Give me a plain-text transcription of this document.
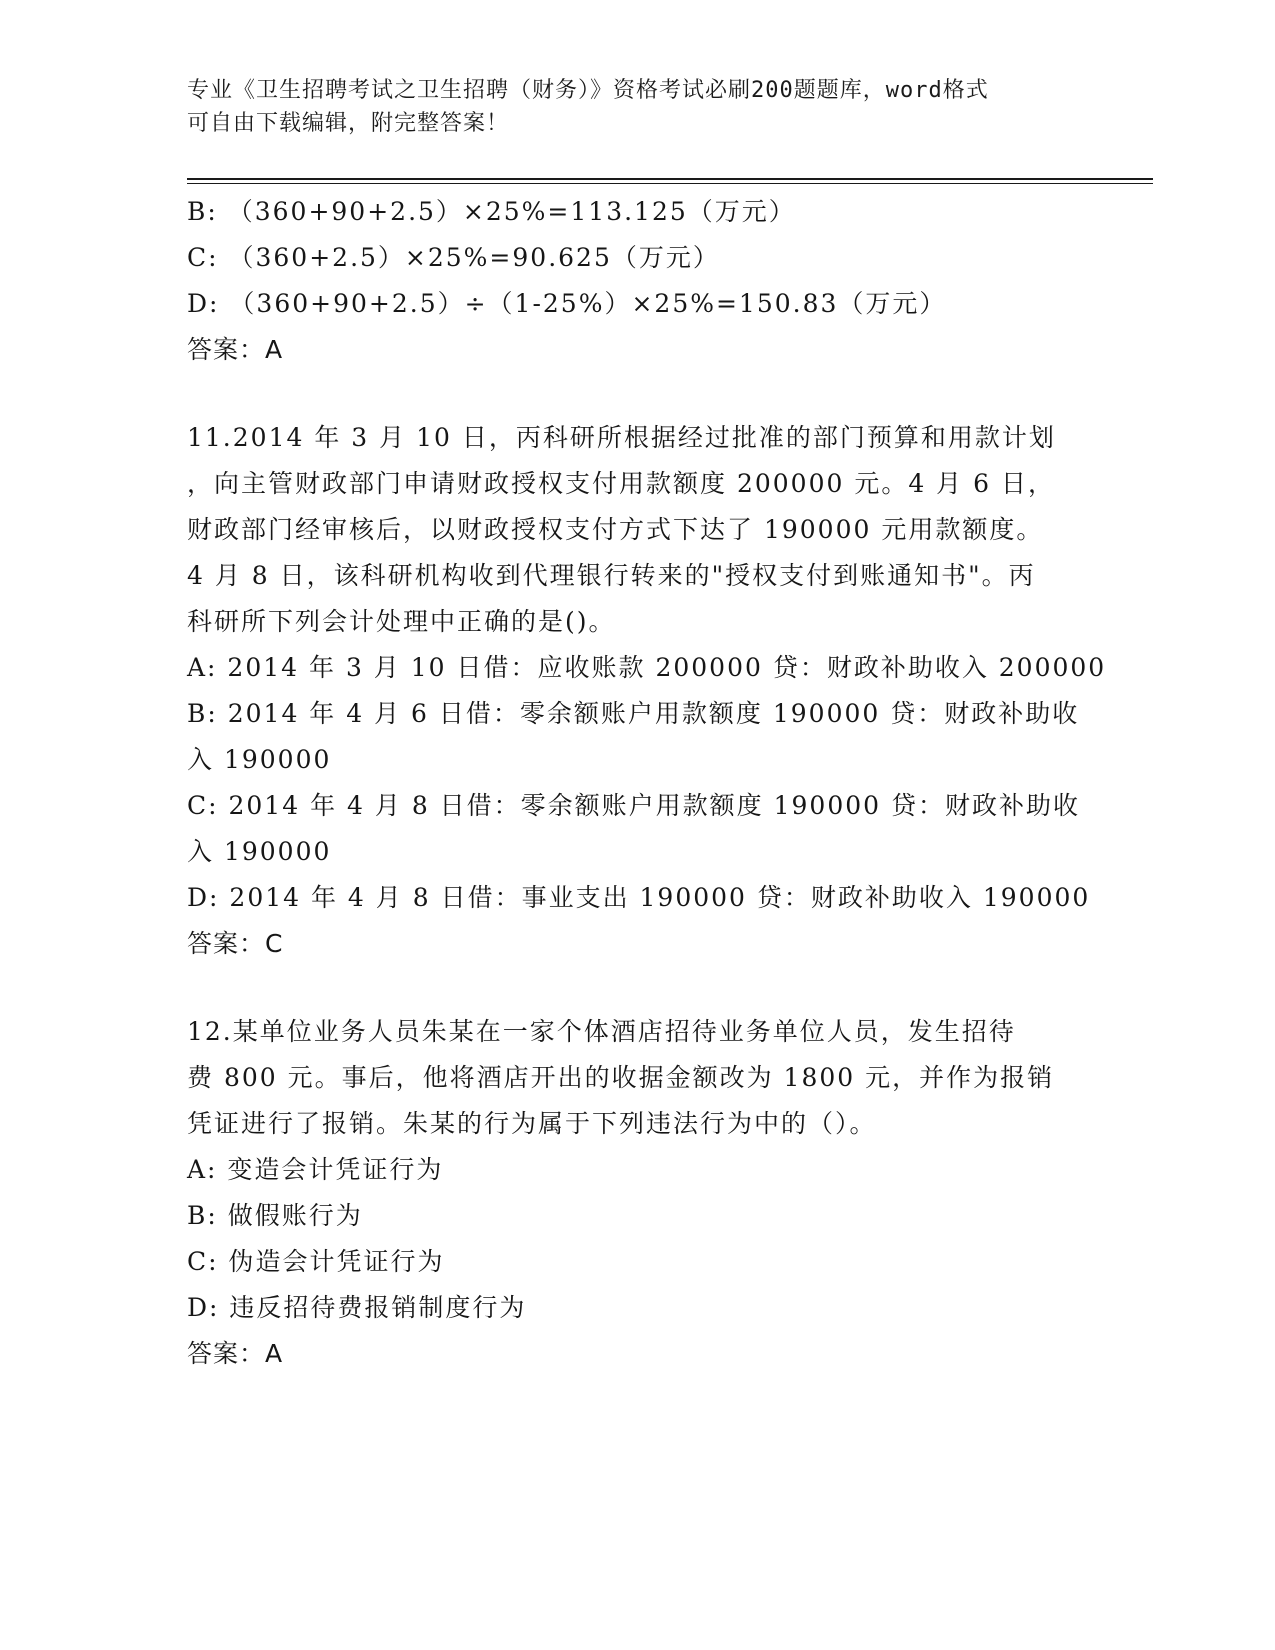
专业《卫生招聘考试之卫生招聘（财务）》资格考试必刷200题题库，word格式
可自由下载编辑，附完整答案！
B: （360+90+2.5）×25%=113.125（万元）
C: （360+2.5）×25%=90.625（万元）
D: （360+90+2.5）÷（1-25%）×25%=150.83（万元）
答案：A
11.2014 年 3 月 10 日，丙科研所根据经过批准的部门预算和用款计划
，向主管财政部门申请财政授权支付用款额度 200000 元。4 月 6 日，
财政部门经审核后，以财政授权支付方式下达了 190000 元用款额度。
4 月 8 日，该科研机构收到代理银行转来的"授权支付到账通知书"。丙
科研所下列会计处理中正确的是()。
A: 2014 年 3 月 10 日借：应收账款 200000 贷：财政补助收入 200000
B: 2014 年 4 月 6 日借：零余额账户用款额度 190000 贷：财政补助收
入 190000
C: 2014 年 4 月 8 日借：零余额账户用款额度 190000 贷：财政补助收
入 190000
D: 2014 年 4 月 8 日借：事业支出 190000 贷：财政补助收入 190000
答案：C
12.某单位业务人员朱某在一家个体酒店招待业务单位人员，发生招待
费 800 元。事后，他将酒店开出的收据金额改为 1800 元，并作为报销
凭证进行了报销。朱某的行为属于下列违法行为中的（）。
A: 变造会计凭证行为
B: 做假账行为
C: 伪造会计凭证行为
D: 违反招待费报销制度行为
答案：A
